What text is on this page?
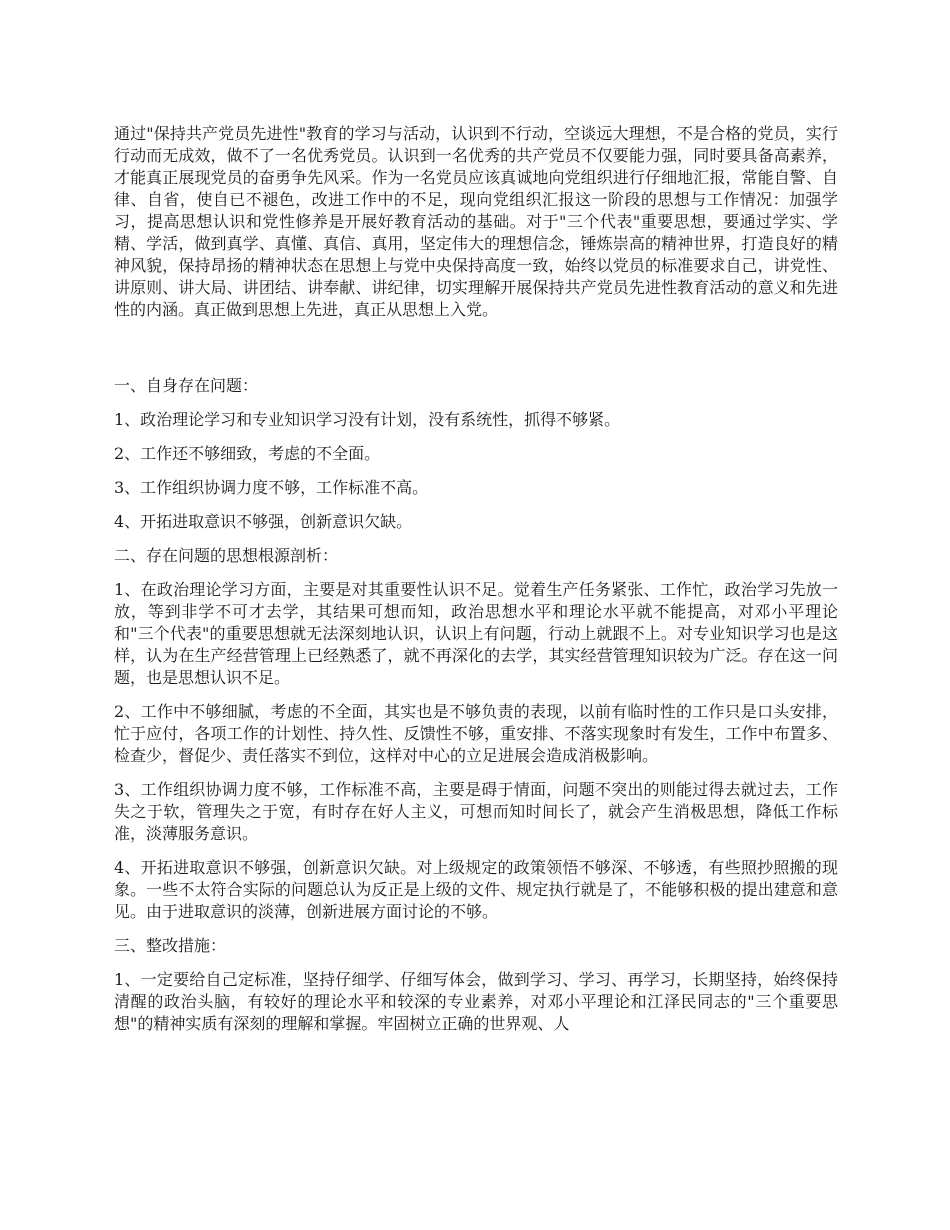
通过"保持共产党员先进性"教育的学习与活动，认识到不行动，空谈远大理想，不是合格的党员，实行行动而无成效，做不了一名优秀党员。认识到一名优秀的共产党员不仅要能力强，同时要具备高素养，才能真正展现党员的奋勇争先风采。作为一名党员应该真诚地向党组织进行仔细地汇报，常能自警、自律、自省，使自已不褪色，改进工作中的不足，现向党组织汇报这一阶段的思想与工作情况：加强学习，提高思想认识和党性修养是开展好教育活动的基础。对于"三个代表"重要思想，要通过学实、学精、学活，做到真学、真懂、真信、真用，坚定伟大的理想信念，锤炼崇高的精神世界，打造良好的精神风貌，保持昂扬的精神状态在思想上与党中央保持高度一致，始终以党员的标准要求自己，讲党性、讲原则、讲大局、讲团结、讲奉献、讲纪律，切实理解开展保持共产党员先进性教育活动的意义和先进性的内涵。真正做到思想上先进，真正从思想上入党。

一、自身存在问题：

1、政治理论学习和专业知识学习没有计划，没有系统性，抓得不够紧。

2、工作还不够细致，考虑的不全面。

3、工作组织协调力度不够，工作标准不高。

4、开拓进取意识不够强，创新意识欠缺。

二、存在问题的思想根源剖析：

1、在政治理论学习方面，主要是对其重要性认识不足。觉着生产任务紧张、工作忙，政治学习先放一放，等到非学不可才去学，其结果可想而知，政治思想水平和理论水平就不能提高，对邓小平理论和"三个代表"的重要思想就无法深刻地认识，认识上有问题，行动上就跟不上。对专业知识学习也是这样，认为在生产经营管理上已经熟悉了，就不再深化的去学，其实经营管理知识较为广泛。存在这一问题，也是思想认识不足。

2、工作中不够细腻，考虑的不全面，其实也是不够负责的表现，以前有临时性的工作只是口头安排，忙于应付，各项工作的计划性、持久性、反馈性不够，重安排、不落实现象时有发生，工作中布置多、检查少，督促少、责任落实不到位，这样对中心的立足进展会造成消极影响。

3、工作组织协调力度不够，工作标准不高，主要是碍于情面，问题不突出的则能过得去就过去，工作失之于软，管理失之于宽，有时存在好人主义，可想而知时间长了，就会产生消极思想，降低工作标准，淡薄服务意识。

4、开拓进取意识不够强，创新意识欠缺。对上级规定的政策领悟不够深、不够透，有些照抄照搬的现象。一些不太符合实际的问题总认为反正是上级的文件、规定执行就是了，不能够积极的提出建意和意见。由于进取意识的淡薄，创新进展方面讨论的不够。

三、整改措施：

1、一定要给自己定标准，坚持仔细学、仔细写体会，做到学习、学习、再学习，长期坚持，始终保持清醒的政治头脑，有较好的理论水平和较深的专业素养，对邓小平理论和江泽民同志的"三个重要思想"的精神实质有深刻的理解和掌握。牢固树立正确的世界观、人
